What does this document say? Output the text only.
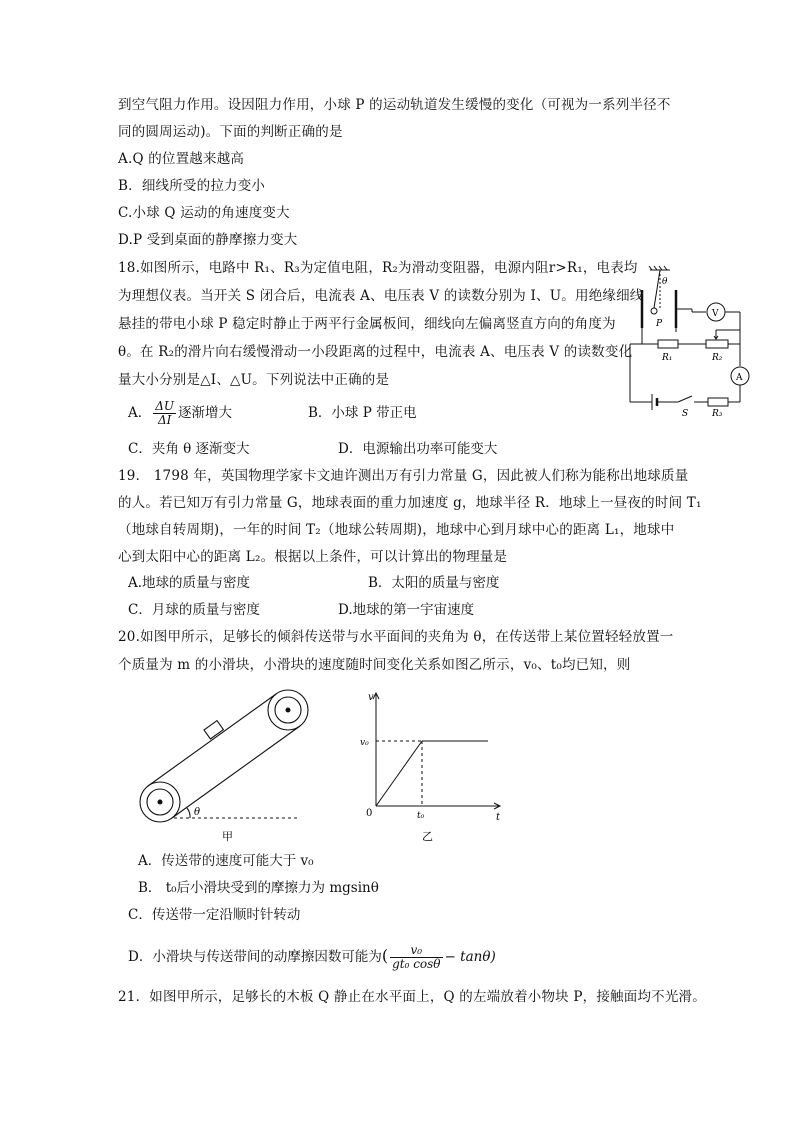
到空气阻力作用。设因阻力作用，小球 P 的运动轨道发生缓慢的变化（可视为一系列半径不
同的圆周运动)。下面的判断正确的是
A.Q 的位置越来越高
B．细线所受的拉力变小
C.小球 Q 运动的角速度变大
D.P 受到桌面的静摩擦力变大
18.如图所示，电路中 R₁、R₃为定值电阻，R₂为滑动变阻器，电源内阻r>R₁，电表均
为理想仪表。当开关 S 闭合后，电流表 A、电压表 V 的读数分别为 I、U。用绝缘细线
悬挂的带电小球 P 稳定时静止于两平行金属板间，细线向左偏离竖直方向的角度为
θ。在 R₂的滑片向右缓慢滑动一小段距离的过程中，电流表 A、电压表 V 的读数变化
量大小分别是△I、△U。下列说法中正确的是
A． $\frac{\Delta U}{\Delta I}$ 逐渐增大	B．小球 P 带正电
C．夹角 θ 逐渐变大	D．电源输出功率可能变大
θ
P
V
R₁	R₂
A
S	R₃
19． 1798 年，英国物理学家卡文迪许测出万有引力常量 G，因此被人们称为能称出地球质量
的人。若已知万有引力常量 G，地球表面的重力加速度 g，地球半径 R．地球上一昼夜的时间 T₁
（地球自转周期)，一年的时间 T₂（地球公转周期)，地球中心到月球中心的距离 L₁，地球中
心到太阳中心的距离 L₂。根据以上条件，可以计算出的物理量是
A.地球的质量与密度	B．太阳的质量与密度
C．月球的质量与密度	D.地球的第一宇宙速度
20.如图甲所示，足够长的倾斜传送带与水平面间的夹角为 θ，在传送带上某位置轻轻放置一
个质量为 m 的小滑块，小滑块的速度随时间变化关系如图乙所示，v₀、t₀均已知，则
θ
甲
v
v₀
0	t₀	t
乙
A．传送带的速度可能大于 v₀
B． t₀后小滑块受到的摩擦力为 mgsinθ
C．传送带一定沿顺时针转动
D．小滑块与传送带间的动摩擦因数可能为( $\frac{\text{v₀}}{\text{gt₀ cosθ}} - \tan\theta$)
21．如图甲所示，足够长的木板 Q 静止在水平面上，Q 的左端放着小物块 P，接触面均不光滑。
